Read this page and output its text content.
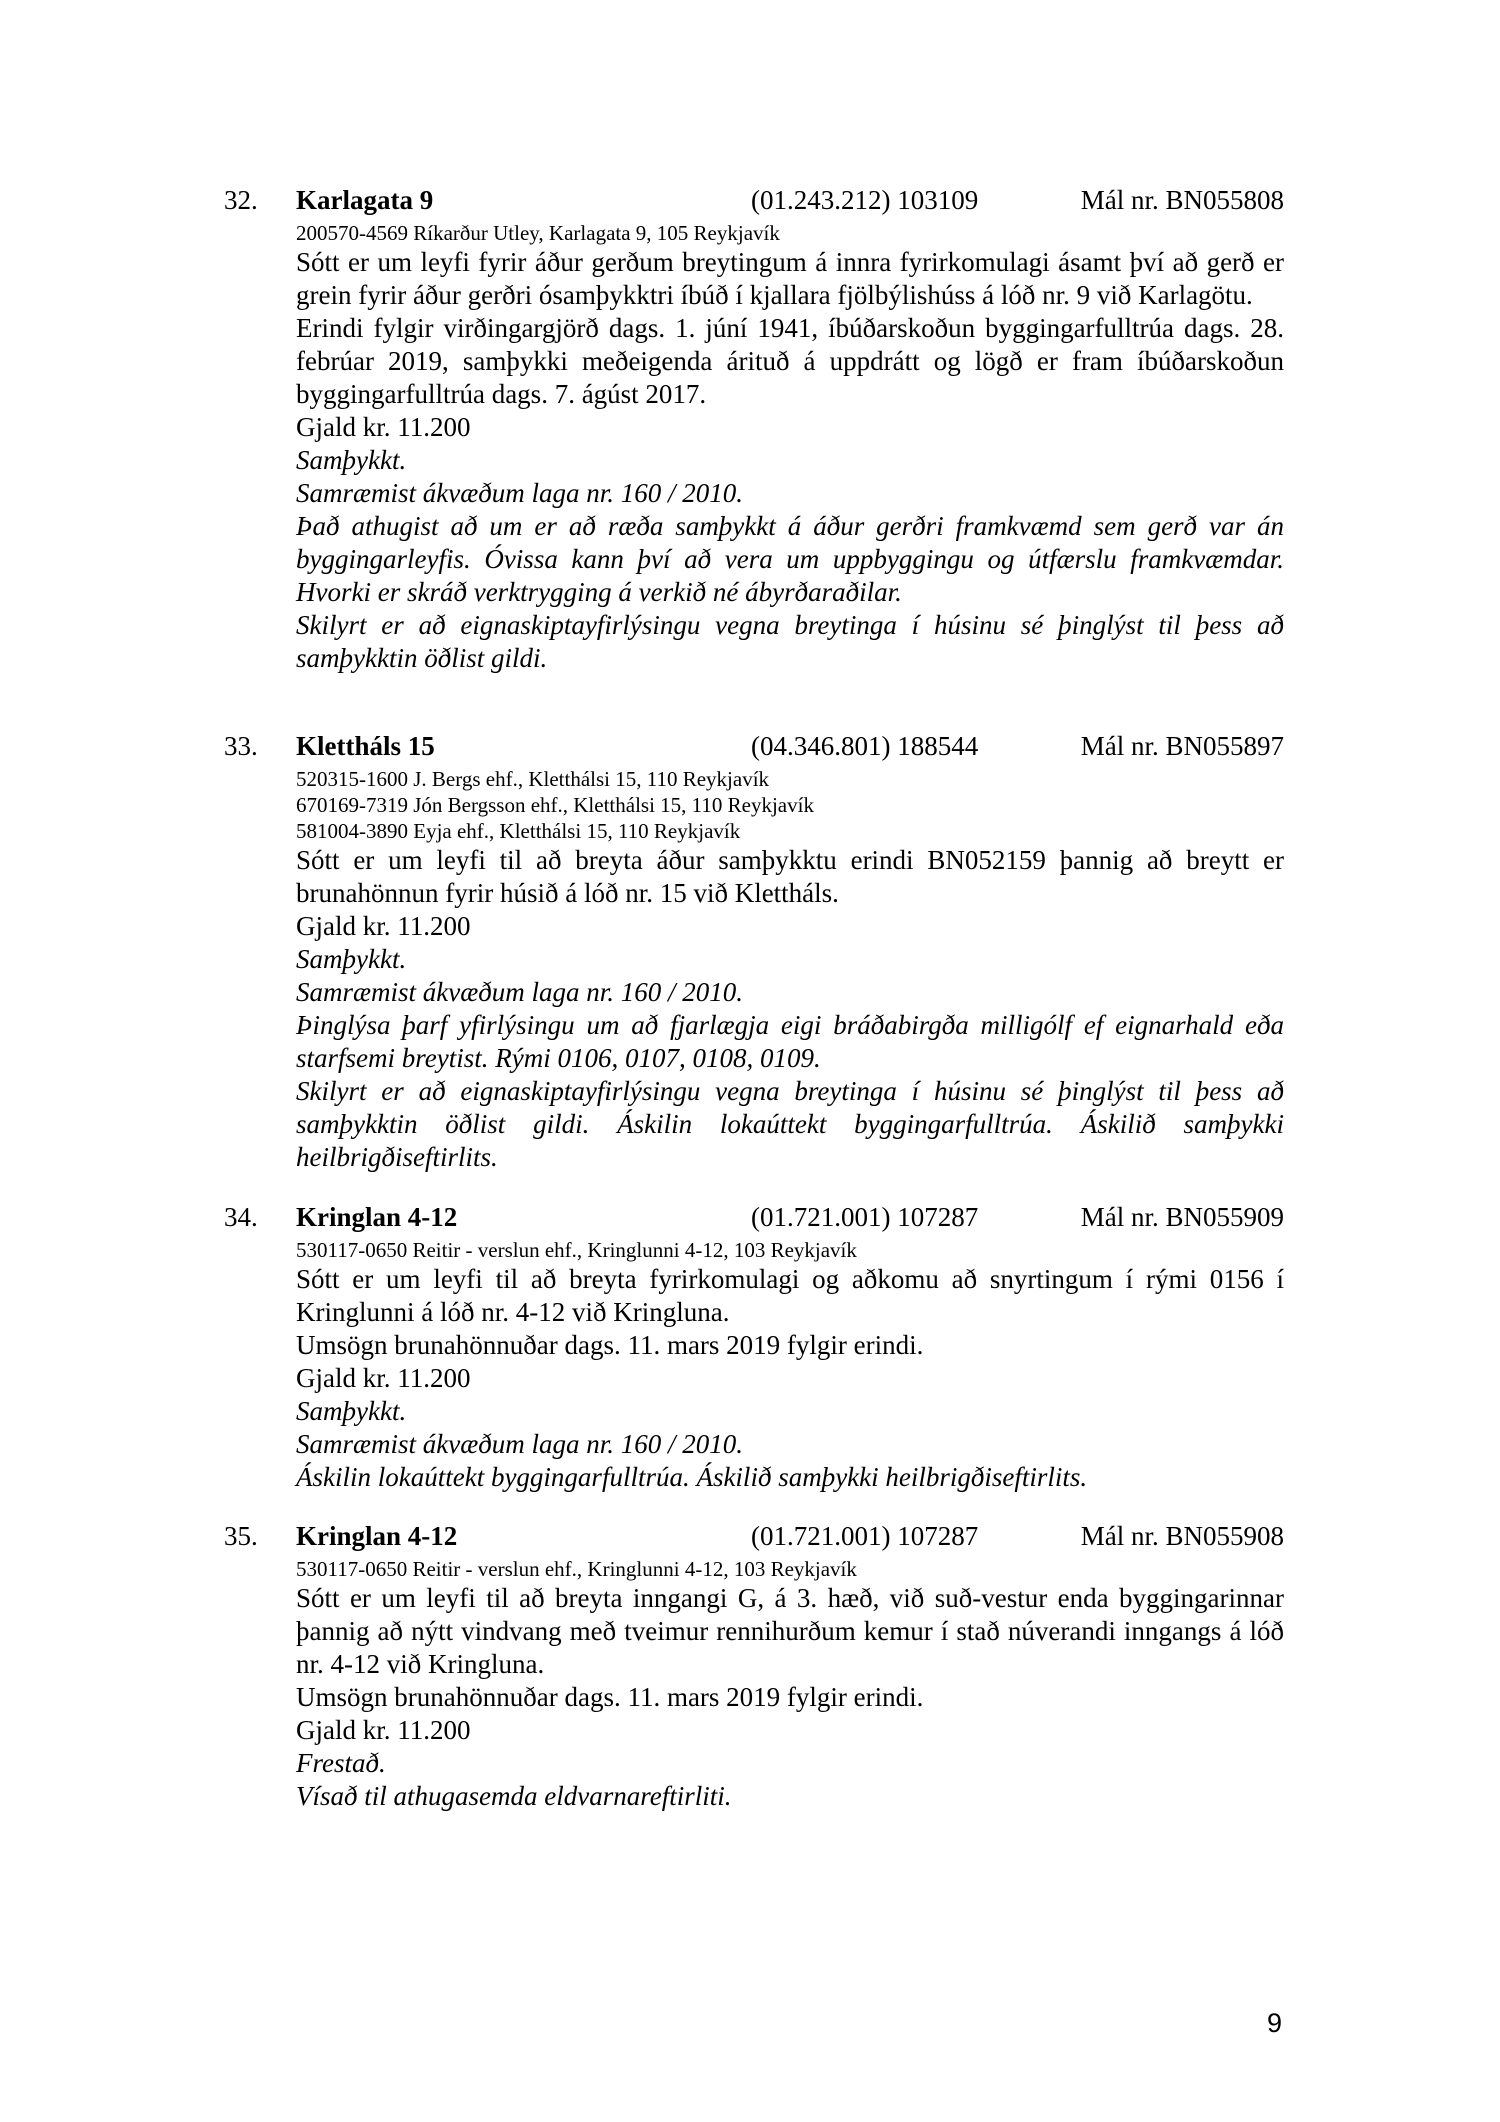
32. Karlagata 9	(01.243.212) 103109	Mál nr. BN055808
200570-4569 Ríkarður Utley, Karlagata 9, 105 Reykjavík
Sótt er um leyfi fyrir áður gerðum breytingum á innra fyrirkomulagi ásamt því að gerð er grein fyrir áður gerðri ósamþykktri íbúð í kjallara fjölbýlishúss á lóð nr. 9 við Karlagötu.
Erindi fylgir virðingargjörð dags. 1. júní 1941, íbúðarskoðun byggingarfulltrúa dags. 28. febrúar 2019, samþykki meðeigenda árituð á uppdrátt og lögð er fram íbúðarskoðun byggingarfulltrúa dags. 7. ágúst 2017.
Gjald kr. 11.200
Samþykkt.
Samræmist ákvæðum laga nr. 160 / 2010.
Það athugist að um er að ræða samþykkt á áður gerðri framkvæmd sem gerð var án byggingarleyfis. Óvissa kann því að vera um uppbyggingu og útfærslu framkvæmdar. Hvorki er skráð verktrygging á verkið né ábyrðaraðilar.
Skilyrt er að eignaskiptayfirlýsingu vegna breytinga í húsinu sé þinglýst til þess að samþykktin öðlist gildi.
33. Klettháls 15	(04.346.801) 188544	Mál nr. BN055897
520315-1600 J. Bergs ehf., Kletthálsi 15, 110 Reykjavík
670169-7319 Jón Bergsson ehf., Kletthálsi 15, 110 Reykjavík
581004-3890 Eyja ehf., Kletthálsi 15, 110 Reykjavík
Sótt er um leyfi til að breyta áður samþykktu erindi BN052159 þannig að breytt er brunahönnun fyrir húsið á lóð nr. 15 við Klettháls.
Gjald kr. 11.200
Samþykkt.
Samræmist ákvæðum laga nr. 160 / 2010.
Þinglýsa þarf yfirlýsingu um að fjarlægja eigi bráðabirgða milligólf ef eignarhald eða starfsemi breytist. Rými 0106, 0107, 0108, 0109.
Skilyrt er að eignaskiptayfirlýsingu vegna breytinga í húsinu sé þinglýst til þess að samþykktin öðlist gildi. Áskilin lokaúttekt byggingarfulltrúa. Áskilið samþykki heilbrigðiseftirlits.
34. Kringlan 4-12	(01.721.001) 107287	Mál nr. BN055909
530117-0650 Reitir - verslun ehf., Kringlunni 4-12, 103 Reykjavík
Sótt er um leyfi til að breyta fyrirkomulagi og aðkomu að snyrtingum í rými 0156 í Kringlunni á lóð nr. 4-12 við Kringluna.
Umsögn brunahönnuðar dags. 11. mars 2019 fylgir erindi.
Gjald kr. 11.200
Samþykkt.
Samræmist ákvæðum laga nr. 160 / 2010.
Áskilin lokaúttekt byggingarfulltrúa. Áskilið samþykki heilbrigðiseftirlits.
35. Kringlan 4-12	(01.721.001) 107287	Mál nr. BN055908
530117-0650 Reitir - verslun ehf., Kringlunni 4-12, 103 Reykjavík
Sótt er um leyfi til að breyta inngangi G, á 3. hæð, við suð-vestur enda byggingarinnar þannig að nýtt vindvang með tveimur rennihurðum kemur í stað núverandi inngangs á lóð nr. 4-12 við Kringluna.
Umsögn brunahönnuðar dags. 11. mars 2019 fylgir erindi.
Gjald kr. 11.200
Frestað.
Vísað til athugasemda eldvarnareftirliti.
9
